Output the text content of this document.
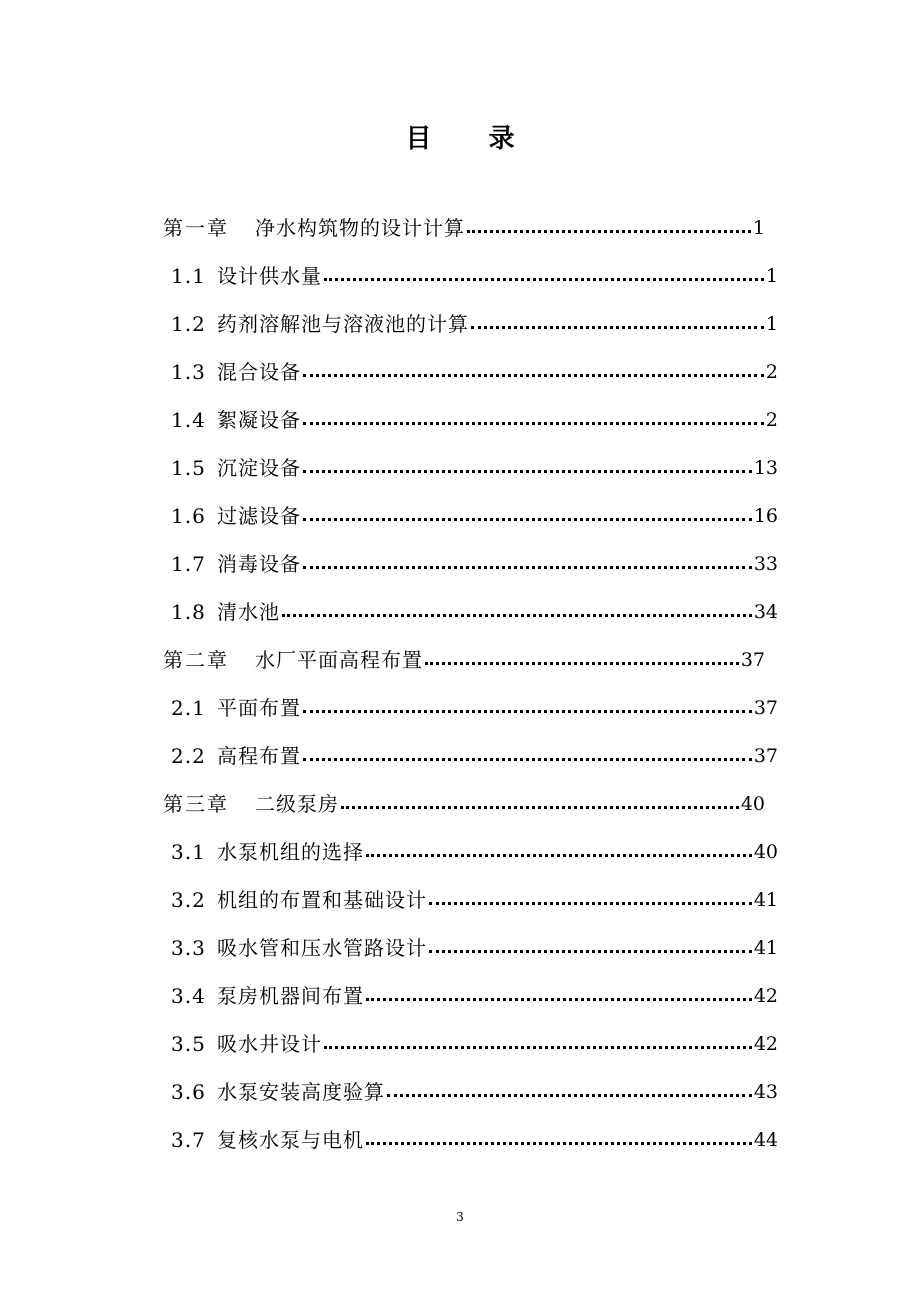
目 录
第一章	净水构筑物的设计计算	1
1.1 设计供水量	1
1.2 药剂溶解池与溶液池的计算	1
1.3 混合设备	2
1.4 絮凝设备	2
1.5 沉淀设备	13
1.6 过滤设备	16
1.7 消毒设备	33
1.8 清水池	34
第二章	水厂平面高程布置	37
2.1 平面布置	37
2.2 高程布置	37
第三章	二级泵房	40
3.1 水泵机组的选择	40
3.2 机组的布置和基础设计	41
3.3 吸水管和压水管路设计	41
3.4 泵房机器间布置	42
3.5 吸水井设计	42
3.6 水泵安装高度验算	43
3.7 复核水泵与电机	44
3
